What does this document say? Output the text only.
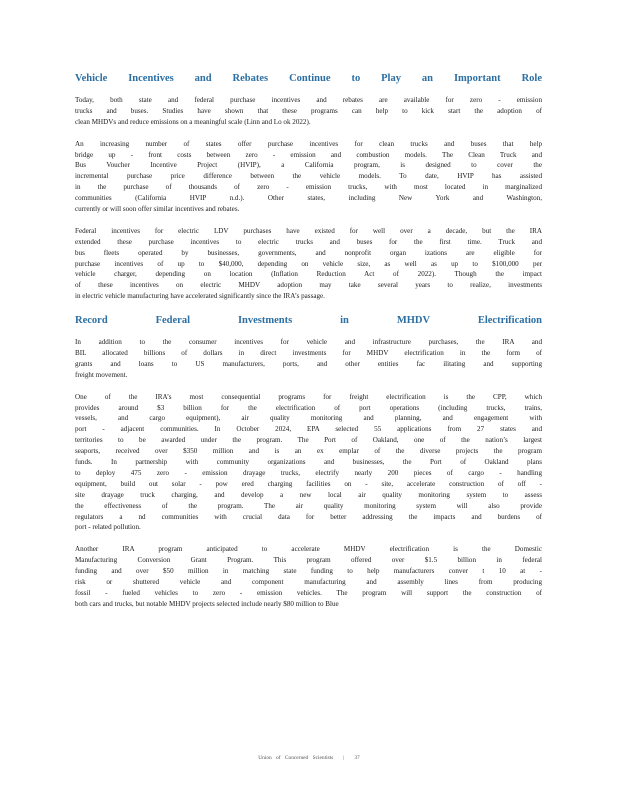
Vehicle Incentives and Rebates Continue to Play an Important Role
Today, both state and federal purchase incentives and rebates are available for zero - emission
trucks and buses. Studies have shown that these programs can help to kick start the adoption of
clean MHDVs and reduce emissions on a meaningful scale (Linn and Lo ok 2022).
An increasing number of states offer purchase incentives for clean trucks and buses that help
bridge up - front costs between zero - emission and combustion models. The Clean Truck and
Bus Voucher Incentive Project (HVIP), a California program, is designed to cover the
incremental purchase price difference between the vehicle models. To date, HVIP has assisted
in the purchase of thousands of zero - emission trucks, with most located in marginalized
communities (California HVIP n.d.). Other states, including New York and Washington,
currently or will soon offer similar incentives and rebates.
Federal incentives for electric LDV purchases have existed for well over a decade, but the IRA
extended these purchase incentives to electric trucks and buses for the first time. Truck and
bus fleets operated by businesses, governments, and nonprofit organ izations are eligible for
purchase incentives of up to $40,000, depending on vehicle size, as well as up to $100,000 per
vehicle charger, depending on location (Inflation Reduction Act of 2022). Though the impact
of these incentives on electric MHDV adoption may take several years to realize, investments
in electric vehicle manufacturing have accelerated significantly since the IRA’s passage.
Record Federal Investments in MHDV Electrification
In addition to the consumer incentives for vehicle and infrastructure purchases, the IRA and
BIL allocated billions of dollars in direct investments for MHDV electrification in the form of
grants and loans to US manufacturers, ports, and other entities fac ilitating and supporting
freight movement.
One of the IRA’s most consequential programs for freight electrification is the CPP, which
provides around $3 billion for the electrification of port operations (including trucks, trains,
vessels, and cargo equipment), air quality monitoring and planning, and engagement with
port - adjacent communities. In October 2024, EPA selected 55 applications from 27 states and
territories to be awarded under the program. The Port of Oakland, one of the nation’s largest
seaports, received over $350 million and is an ex emplar of the diverse projects the program
funds. In partnership with community organizations and businesses, the Port of Oakland plans
to deploy 475 zero - emission drayage trucks, electrify nearly 200 pieces of cargo - handling
equipment, build out solar - pow ered charging facilities on - site, accelerate construction of off -
site drayage truck charging, and develop a new local air quality monitoring system to assess
the effectiveness of the program. The air quality monitoring system will also provide
regulators a nd communities with crucial data for better addressing the impacts and burdens of
port - related pollution.
Another IRA program anticipated to accelerate MHDV electrification is the Domestic
Manufacturing Conversion Grant Program. This program offered over $1.5 billion in federal
funding and over $50 million in matching state funding to help manufacturers conver t 10 at -
risk or shuttered vehicle and component manufacturing and assembly lines from producing
fossil - fueled vehicles to zero - emission vehicles. The program will support the construction of
both cars and trucks, but notable MHDV projects selected include nearly $80 million to Blue
Union of Concerned Scientists | 37
